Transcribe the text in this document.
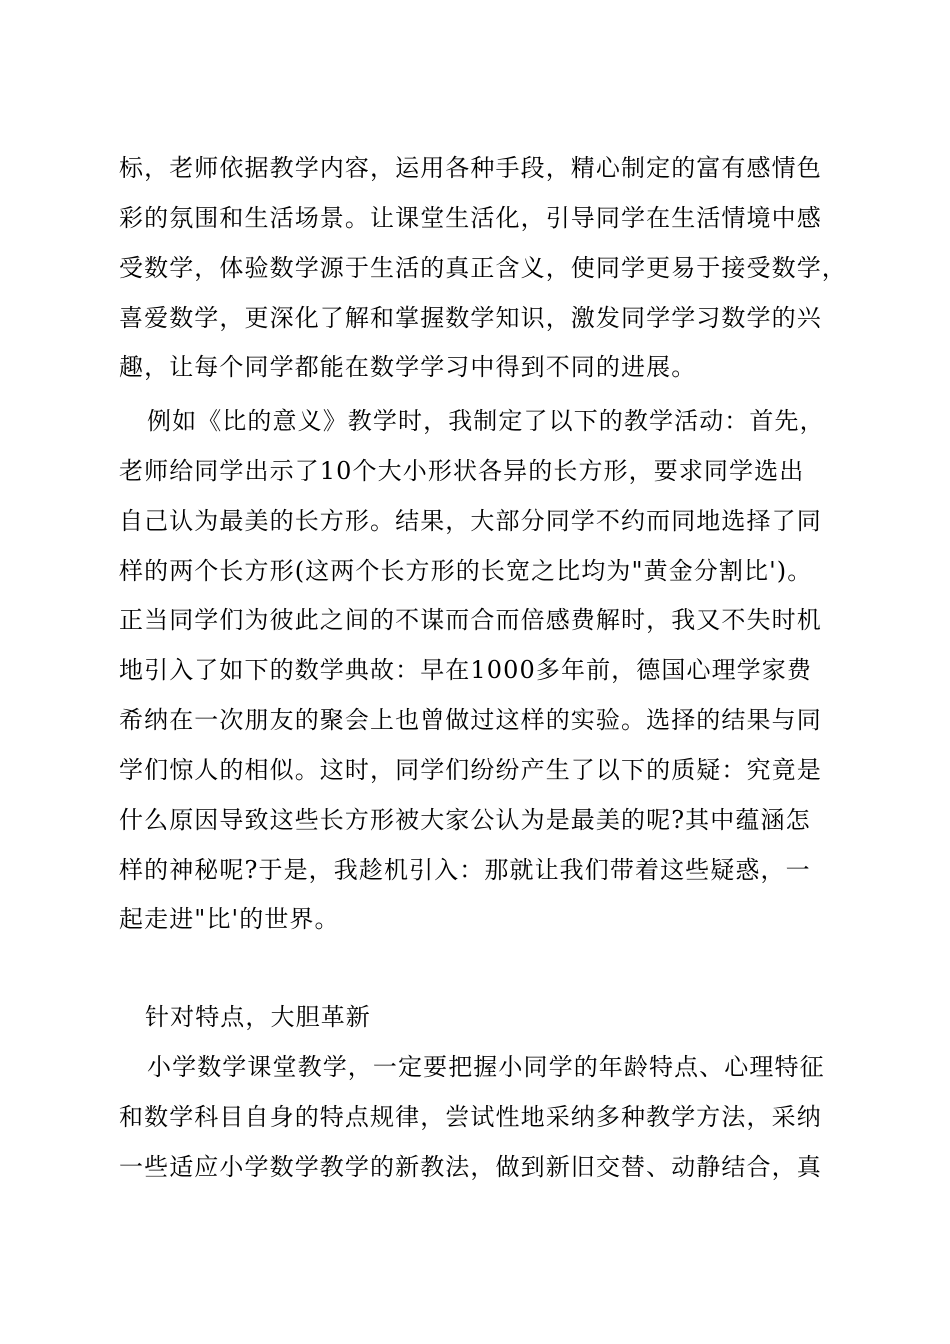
标，老师依据教学内容，运用各种手段，精心制定的富有感情色
彩的氛围和生活场景。让课堂生活化，引导同学在生活情境中感
受数学，体验数学源于生活的真正含义，使同学更易于接受数学，
喜爱数学，更深化了解和掌握数学知识，激发同学学习数学的兴
趣，让每个同学都能在数学学习中得到不同的进展。
例如《比的意义》教学时，我制定了以下的教学活动：首先，
老师给同学出示了10个大小形状各异的长方形，要求同学选出
自己认为最美的长方形。结果，大部分同学不约而同地选择了同
样的两个长方形(这两个长方形的长宽之比均为"黄金分割比')。
正当同学们为彼此之间的不谋而合而倍感费解时，我又不失时机
地引入了如下的数学典故：早在1000多年前，德国心理学家费
希纳在一次朋友的聚会上也曾做过这样的实验。选择的结果与同
学们惊人的相似。这时，同学们纷纷产生了以下的质疑：究竟是
什么原因导致这些长方形被大家公认为是最美的呢?其中蕴涵怎
样的神秘呢?于是，我趁机引入：那就让我们带着这些疑惑，一
起走进"比'的世界。
针对特点，大胆革新
小学数学课堂教学，一定要把握小同学的年龄特点、心理特征
和数学科目自身的特点规律，尝试性地采纳多种教学方法，采纳
一些适应小学数学教学的新教法，做到新旧交替、动静结合，真
